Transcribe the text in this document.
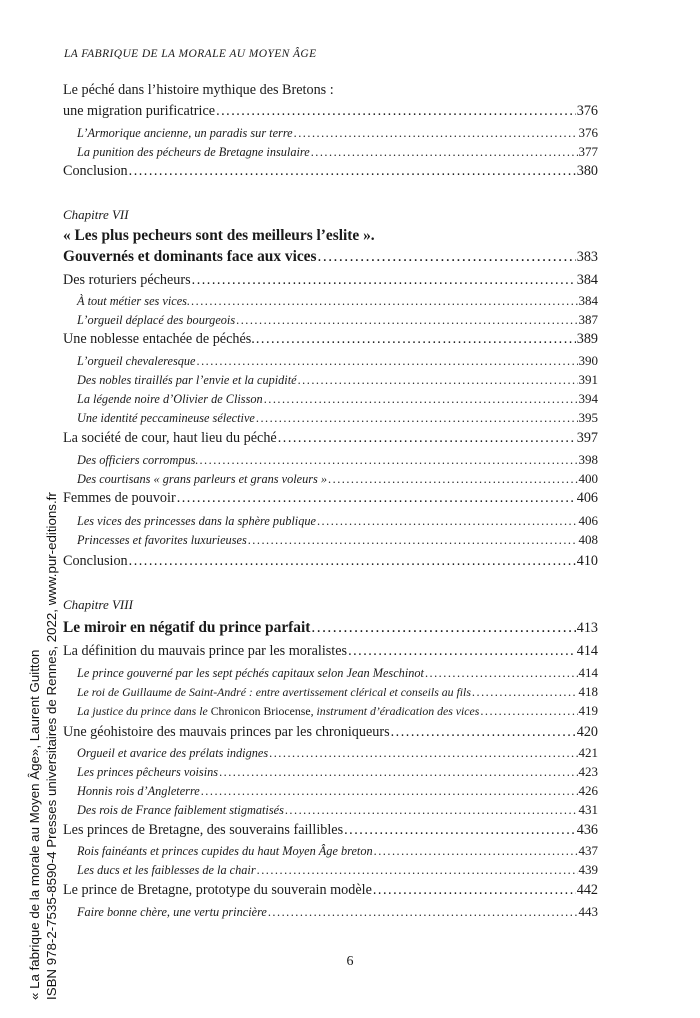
LA FABRIQUE DE LA MORALE AU MOYEN ÂGE
Le péché dans l’histoire mythique des Bretons :
une migration purificatrice .....	376
L’Armorique ancienne, un paradis sur terre .....	376
La punition des pécheurs de Bretagne insulaire .....	377
Conclusion .....	380
Chapitre VII
« Les plus pecheurs sont des meilleurs l’eslite ».
Gouvernés et dominants face aux vices .....	383
Des roturiers pécheurs .....	384
À tout métier ses vices. .....	384
L’orgueil déplacé des bourgeois .....	387
Une noblesse entachée de péchés. .....	389
L’orgueil chevaleresque .....	390
Des nobles tiraillés par l’envie et la cupidité .....	391
La légende noire d’Olivier de Clisson .....	394
Une identité peccamineuse sélective .....	395
La société de cour, haut lieu du péché .....	397
Des officiers corrompus. .....	398
Des courtisans « grans parleurs et grans voleurs » .....	400
Femmes de pouvoir .....	406
Les vices des princesses dans la sphère publique .....	406
Princesses et favorites luxurieuses .....	408
Conclusion .....	410
Chapitre VIII
Le miroir en négatif du prince parfait .....	413
La définition du mauvais prince par les moralistes .....	414
Le prince gouverné par les sept péchés capitaux selon Jean Meschinot .....	414
Le roi de Guillaume de Saint-André : entre avertissement clérical et conseils au fils .....	418
La justice du prince dans le Chronicon Briocense, instrument d’éradication des vices .....	419
Une géohistoire des mauvais princes par les chroniqueurs .....	420
Orgueil et avarice des prélats indignes .....	421
Les princes pêcheurs voisins .....	423
Honnis rois d’Angleterre .....	426
Des rois de France faiblement stigmatisés .....	431
Les princes de Bretagne, des souverains faillibles .....	436
Rois fainéants et princes cupides du haut Moyen Âge breton .....	437
Les ducs et les faiblesses de la chair .....	439
Le prince de Bretagne, prototype du souverain modèle .....	442
Faire bonne chère, une vertu princière .....	443
6
« La fabrique de la morale au Moyen Âge», Laurent Guitton ISBN 978-2-7535-8590-4 Presses universitaires de Rennes, 2022, www.pur-editions.fr
